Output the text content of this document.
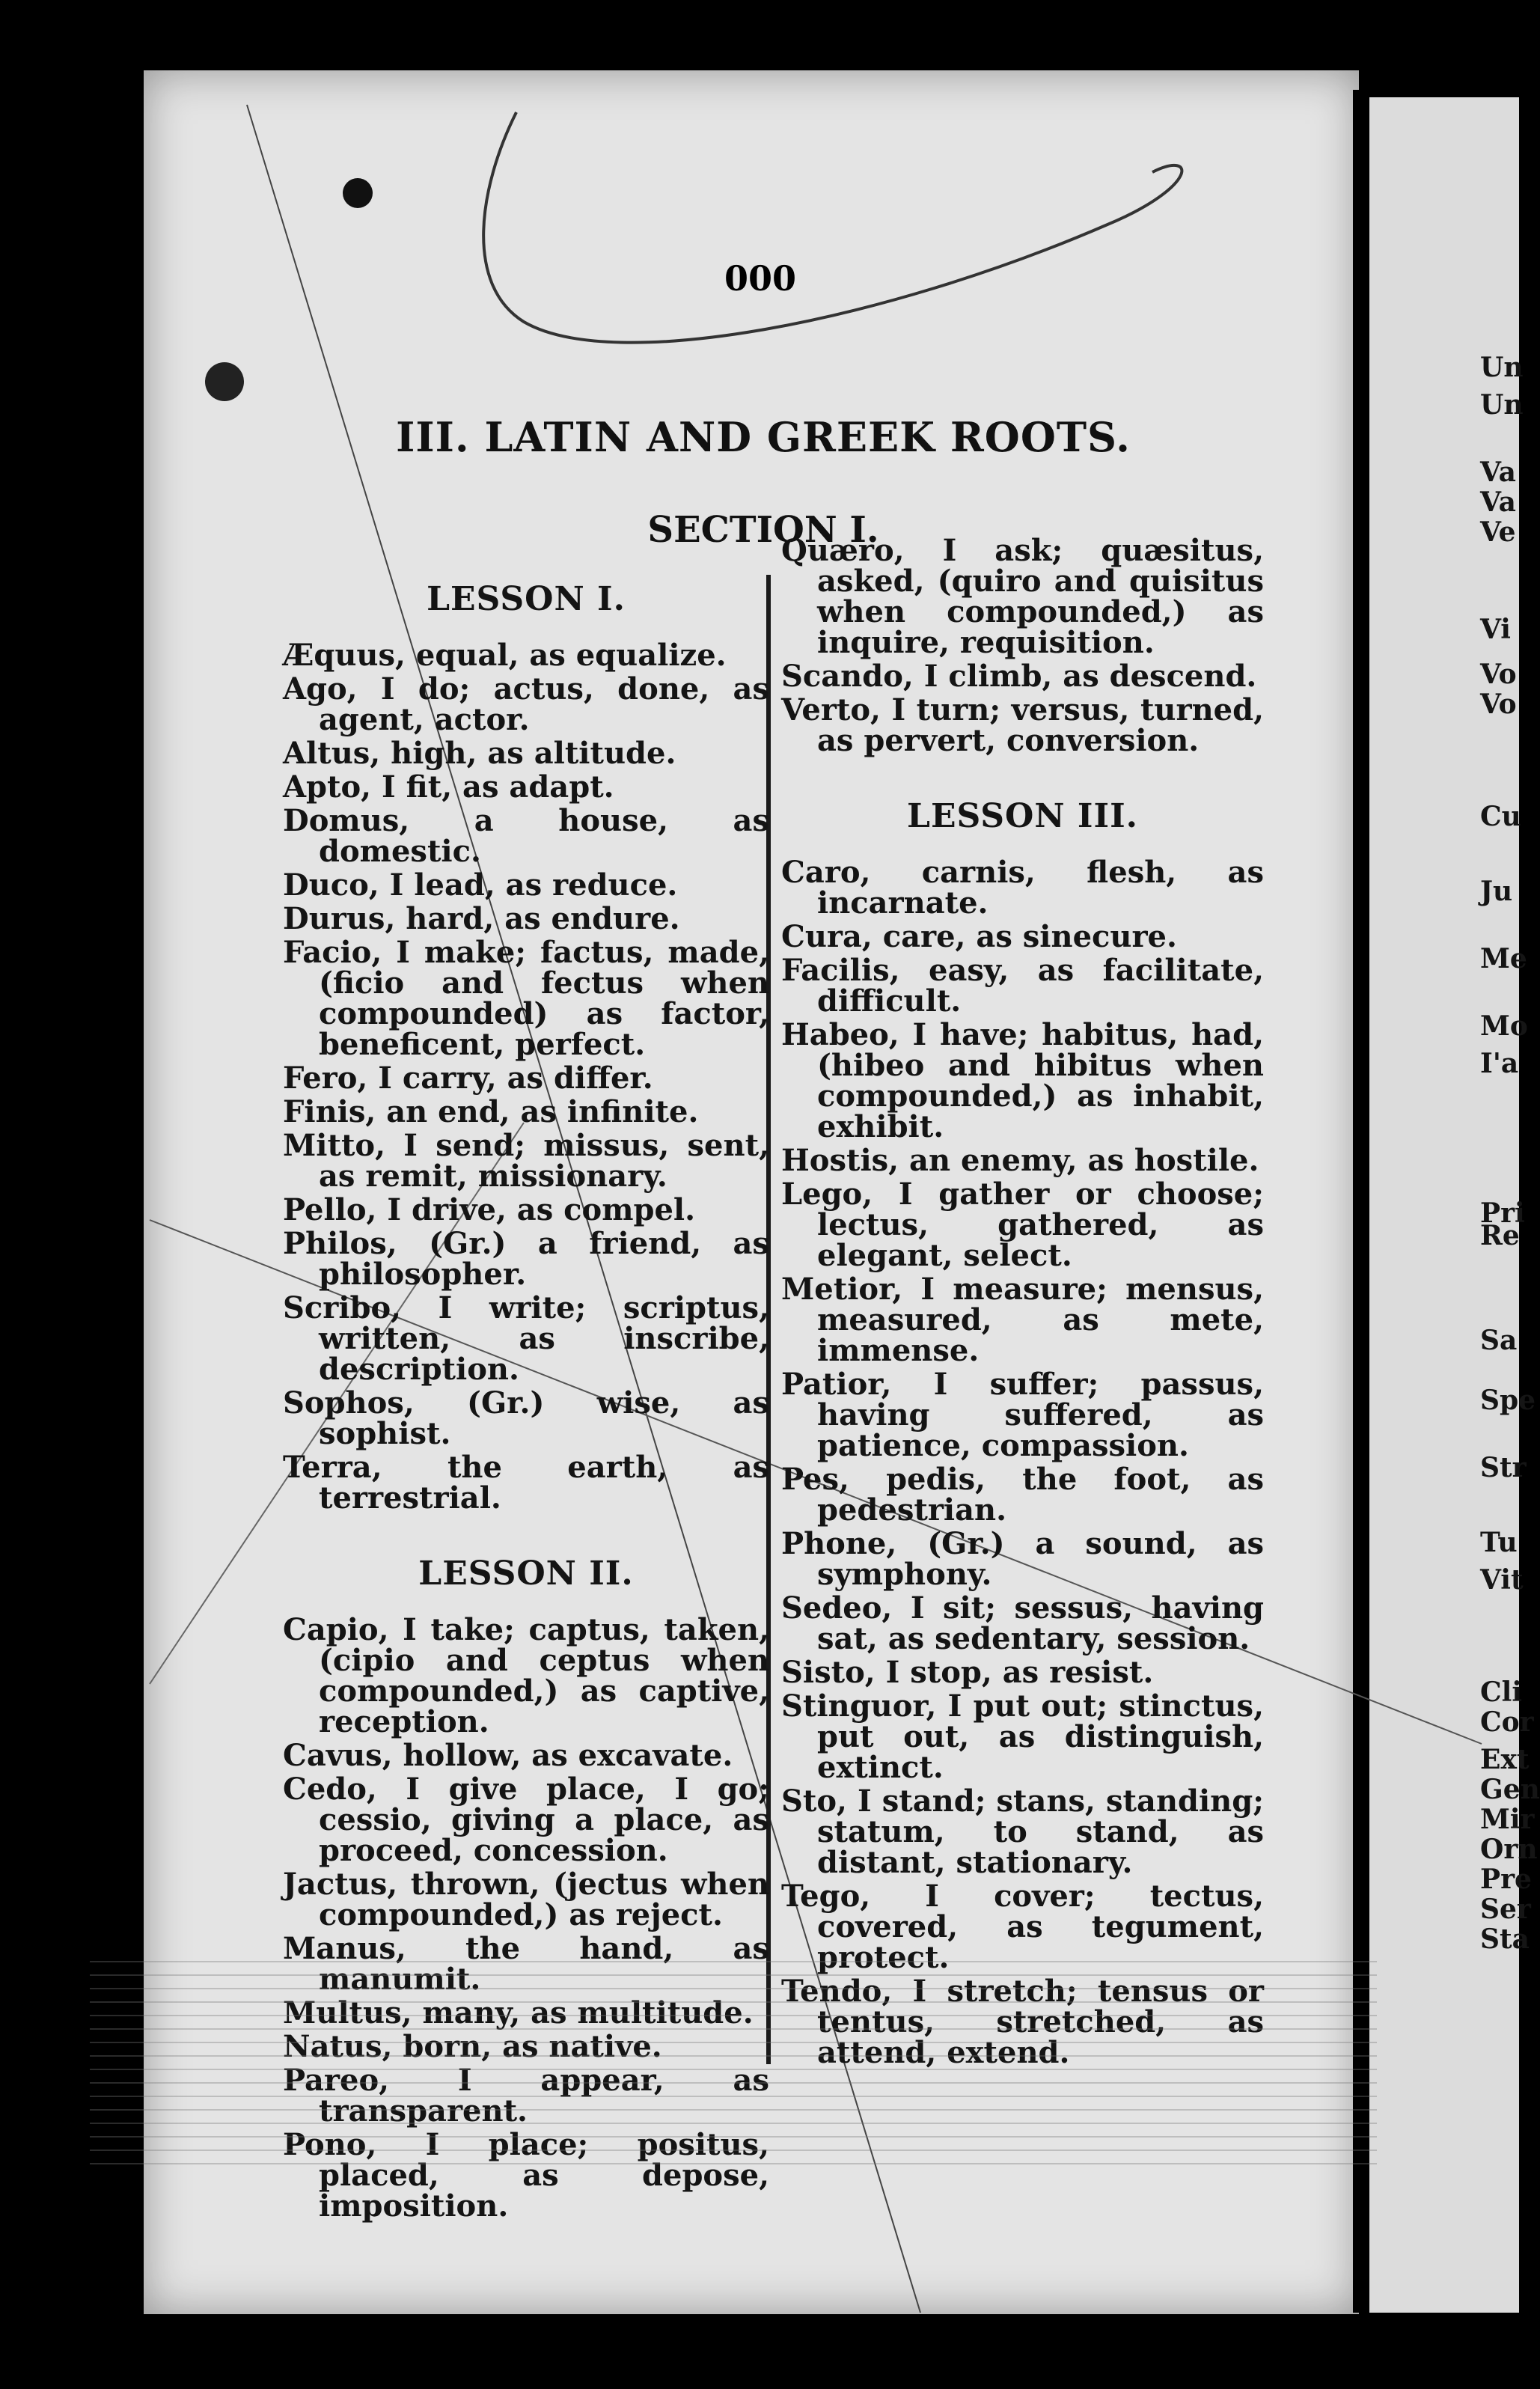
000
III. LATIN AND GREEK ROOTS.
SECTION I.
LESSON I.
Æquus, equal, as equalize.
Ago, I do; actus, done, as agent, actor.
Altus, high, as altitude.
Apto, I fit, as adapt.
Domus, a house, as domestic.
Duco, I lead, as reduce.
Durus, hard, as endure.
Facio, I make; factus, made, (ficio and fectus when compounded) as factor, beneficent, perfect.
Fero, I carry, as differ.
Finis, an end, as infinite.
Mitto, I send; missus, sent, as remit, missionary.
Pello, I drive, as compel.
Philos, (Gr.) a friend, as philosopher.
Scribo, I write; scriptus, written, as inscribe, description.
Sophos, (Gr.) wise, as sophist.
Terra, the earth, as terrestrial.
LESSON II.
Capio, I take; captus, taken, (cipio and ceptus when compounded,) as captive, reception.
Cavus, hollow, as excavate.
Cedo, I give place, I go; cessio, giving a place, as proceed, concession.
Jactus, thrown, (jectus when compounded,) as reject.
Manus, the hand, as manumit.
Multus, many, as multitude.
Natus, born, as native.
Pareo, I appear, as transparent.
Pono, I place; positus, placed, as depose, imposition.
Quæro, I ask; quæsitus, asked, (quiro and quisitus when compounded,) as inquire, requisition.
Scando, I climb, as descend.
Verto, I turn; versus, turned, as pervert, conversion.
LESSON III.
Caro, carnis, flesh, as incarnate.
Cura, care, as sinecure.
Facilis, easy, as facilitate, difficult.
Habeo, I have; habitus, had, (hibeo and hibitus when compounded,) as inhabit, exhibit.
Hostis, an enemy, as hostile.
Lego, I gather or choose; lectus, gathered, as elegant, select.
Metior, I measure; mensus, measured, as mete, immense.
Patior, I suffer; passus, having suffered, as patience, compassion.
Pes, pedis, the foot, as pedestrian.
Phone, (Gr.) a sound, as symphony.
Sedeo, I sit; sessus, having sat, as sedentary, session.
Sisto, I stop, as resist.
Stinguor, I put out; stinctus, put out, as distinguish, extinct.
Sto, I stand; stans, standing; statum, to stand, as distant, stationary.
Tego, I cover; tectus, covered, as tegument, protect.
Tendo, I stretch; tensus or tentus, stretched, as attend, extend.
Un
Un
Va
Va
Ve
Vi
Vo
Vo
Cu
Ju
Me
Mo
I'a
Pri
Re
Sa
Spe
Str
Tu
Vit
Cli
Cor
Ext
Gen
Mir
Orn
Pre
Ser
Sta
